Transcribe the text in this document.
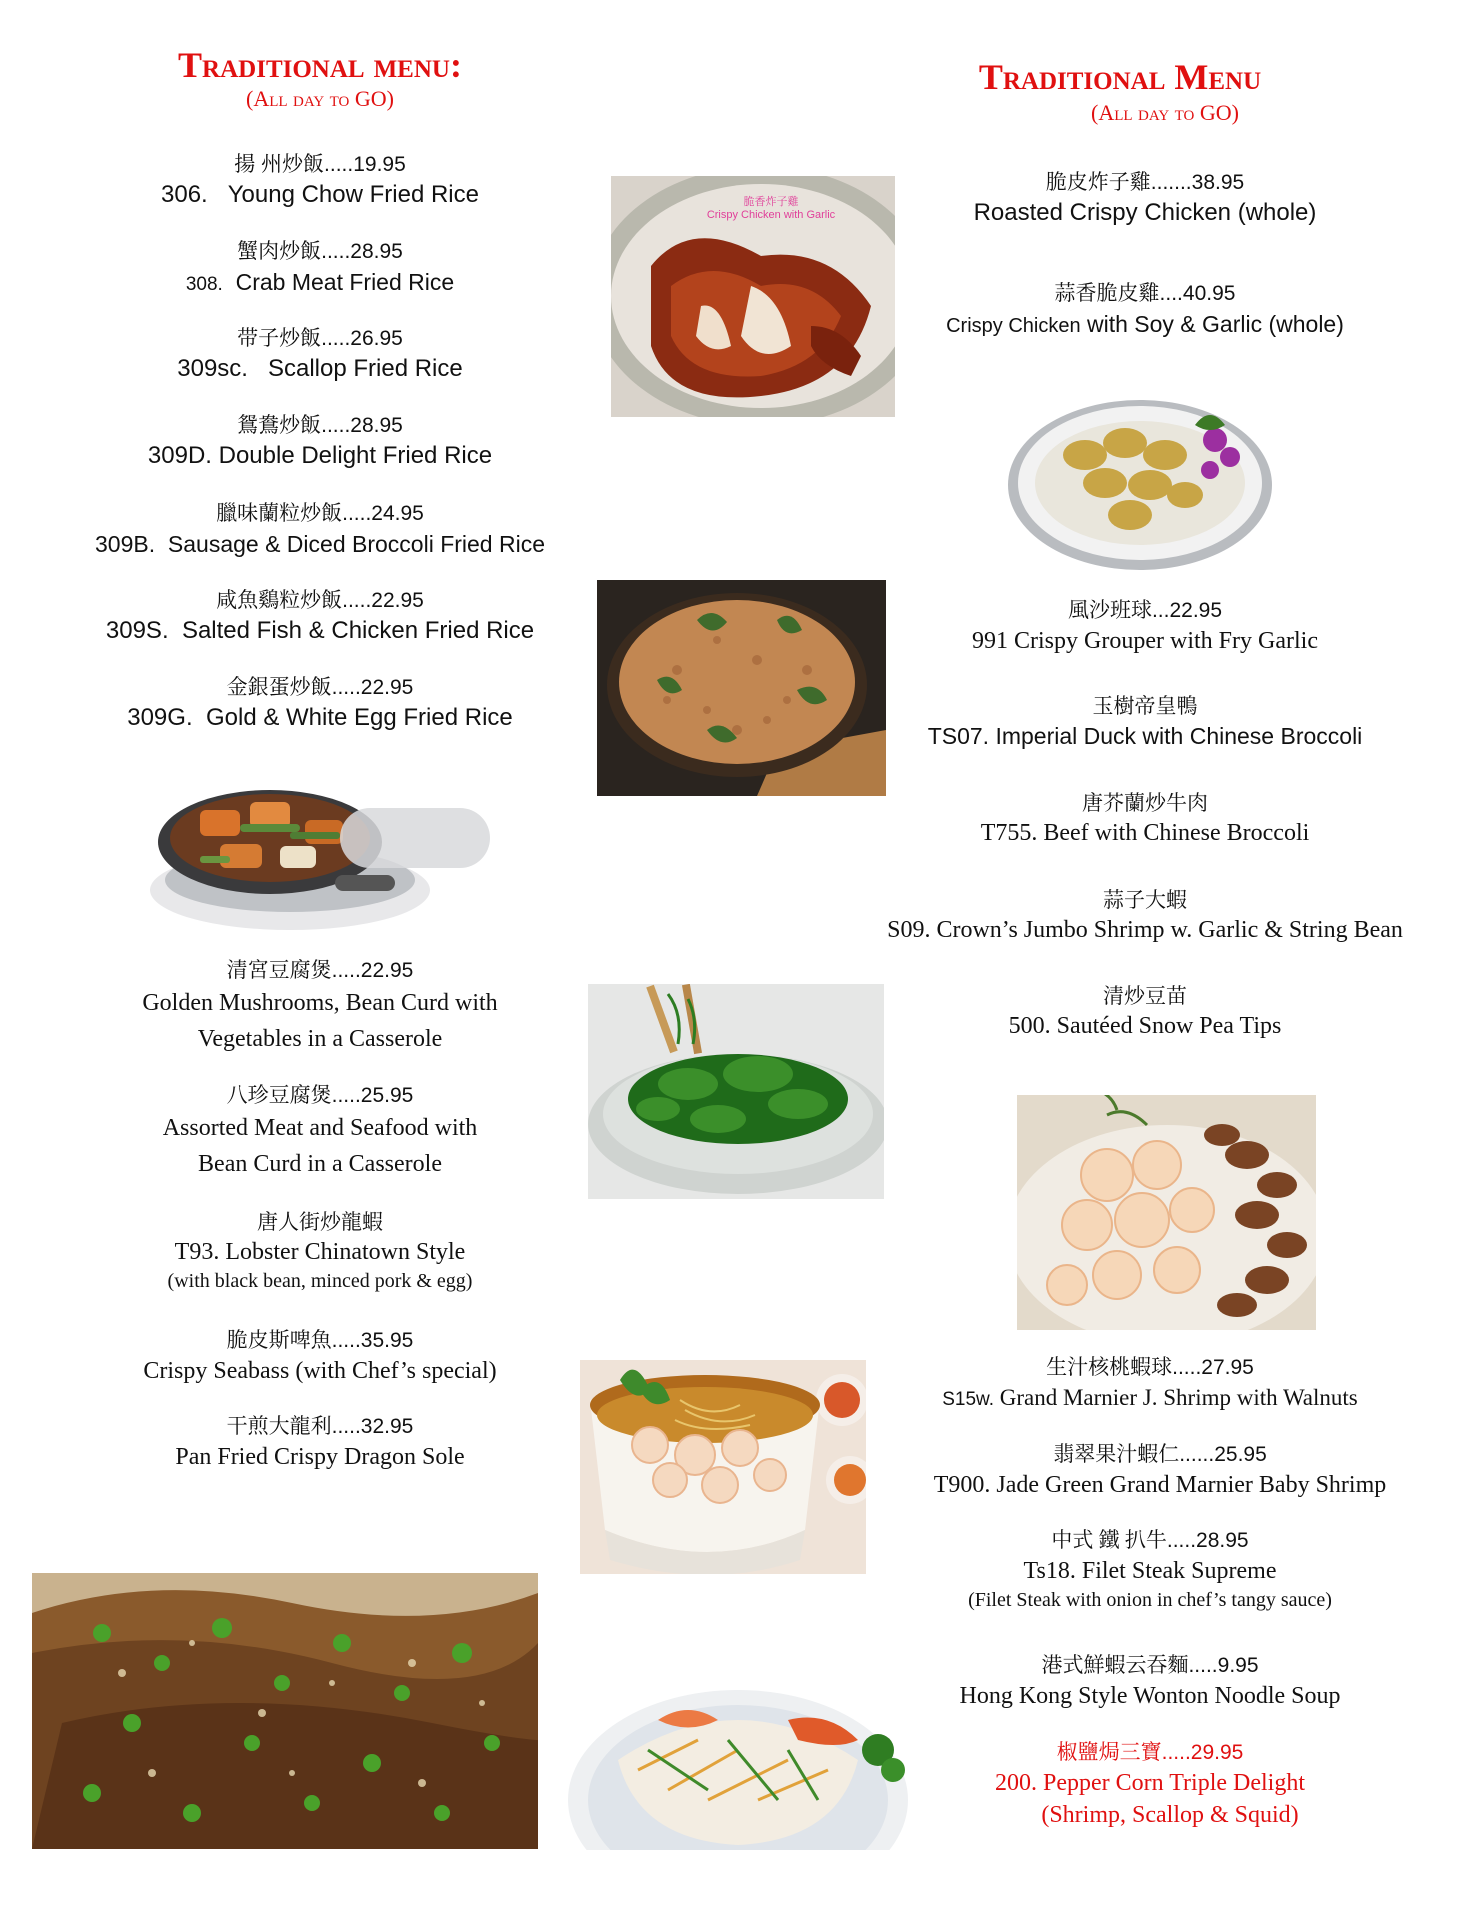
Traditional menu:
(All day to GO)
揚 州炒飯.....19.95
306. Young Chow Fried Rice
蟹肉炒飯.....28.95
308. Crab Meat Fried Rice
带子炒飯.....26.95
309sc. Scallop Fried Rice
鴛鴦炒飯.....28.95
309D. Double Delight Fried Rice
臘味蘭粒炒飯.....24.95
309B. Sausage & Diced Broccoli Fried Rice
咸魚鷄粒炒飯.....22.95
309S. Salted Fish & Chicken Fried Rice
金銀蛋炒飯.....22.95
309G. Gold & White Egg Fried Rice
清宮豆腐煲.....22.95
Golden Mushrooms, Bean Curd with
Vegetables in a Casserole
八珍豆腐煲.....25.95
Assorted Meat and Seafood with
Bean Curd in a Casserole
唐人街炒龍蝦
T93. Lobster Chinatown Style
(with black bean, minced pork & egg)
脆皮斯啤魚.....35.95
Crispy Seabass (with Chef’s special)
干煎大龍利.....32.95
Pan Fried Crispy Dragon Sole
脆香炸子雞
Crispy Chicken with Garlic
Traditional Menu
(All day to GO)
脆皮炸子雞.......38.95
Roasted Crispy Chicken (whole)
蒜香脆皮雞....40.95
Crispy Chicken with Soy & Garlic (whole)
風沙班球...22.95
991 Crispy Grouper with Fry Garlic
玉樹帝皇鴨
TS07. Imperial Duck with Chinese Broccoli
唐芥蘭炒牛肉
T755. Beef with Chinese Broccoli
蒜子大蝦
S09. Crown’s Jumbo Shrimp w. Garlic & String Bean
清炒豆苗
500. Sautéed Snow Pea Tips
生汁核桃蝦球.....27.95
S15w. Grand Marnier J. Shrimp with Walnuts
翡翠果汁蝦仁......25.95
T900. Jade Green Grand Marnier Baby Shrimp
中式 鐵 扒牛.....28.95
Ts18. Filet Steak Supreme
(Filet Steak with onion in chef’s tangy sauce)
港式鮮蝦云吞麵.....9.95
Hong Kong Style Wonton Noodle Soup
椒鹽焗三寶.....29.95
200. Pepper Corn Triple Delight
(Shrimp, Scallop & Squid)
